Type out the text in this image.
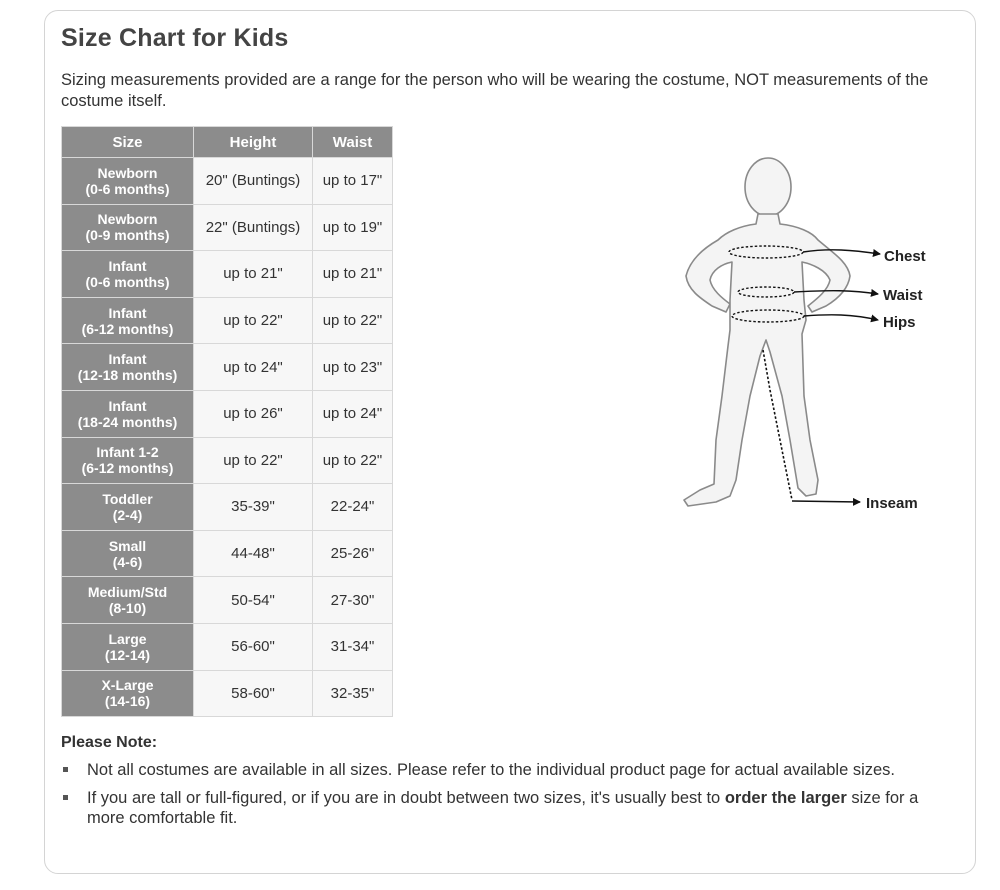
Size Chart for Kids

Sizing measurements provided are a range for the person who will be wearing the costume, NOT measurements of the costume itself.

Size	Height	Waist

Newborn
(0-6 months)	20" (Buntings)	up to 17"

Newborn
(0-9 months)	22" (Buntings)	up to 19"

Infant
(0-6 months)	up to 21"	up to 21"

Infant
(6-12 months)	up to 22"	up to 22"

Infant
(12-18 months)	up to 24"	up to 23"

Infant
(18-24 months)	up to 26"	up to 24"

Infant 1-2
(6-12 months)	up to 22"	up to 22"

Toddler
(2-4)	35-39"	22-24"

Small
(4-6)	44-48"	25-26"

Medium/Std
(8-10)	50-54"	27-30"

Large
(12-14)	56-60"	31-34"

X-Large
(14-16)	58-60"	32-35"
Chest
Waist
Hips
Inseam
Please Note:
Not all costumes are available in all sizes. Please refer to the individual product page for actual available sizes.
If you are tall or full-figured, or if you are in doubt between two sizes, it's usually best to order the larger size for a more comfortable fit.
